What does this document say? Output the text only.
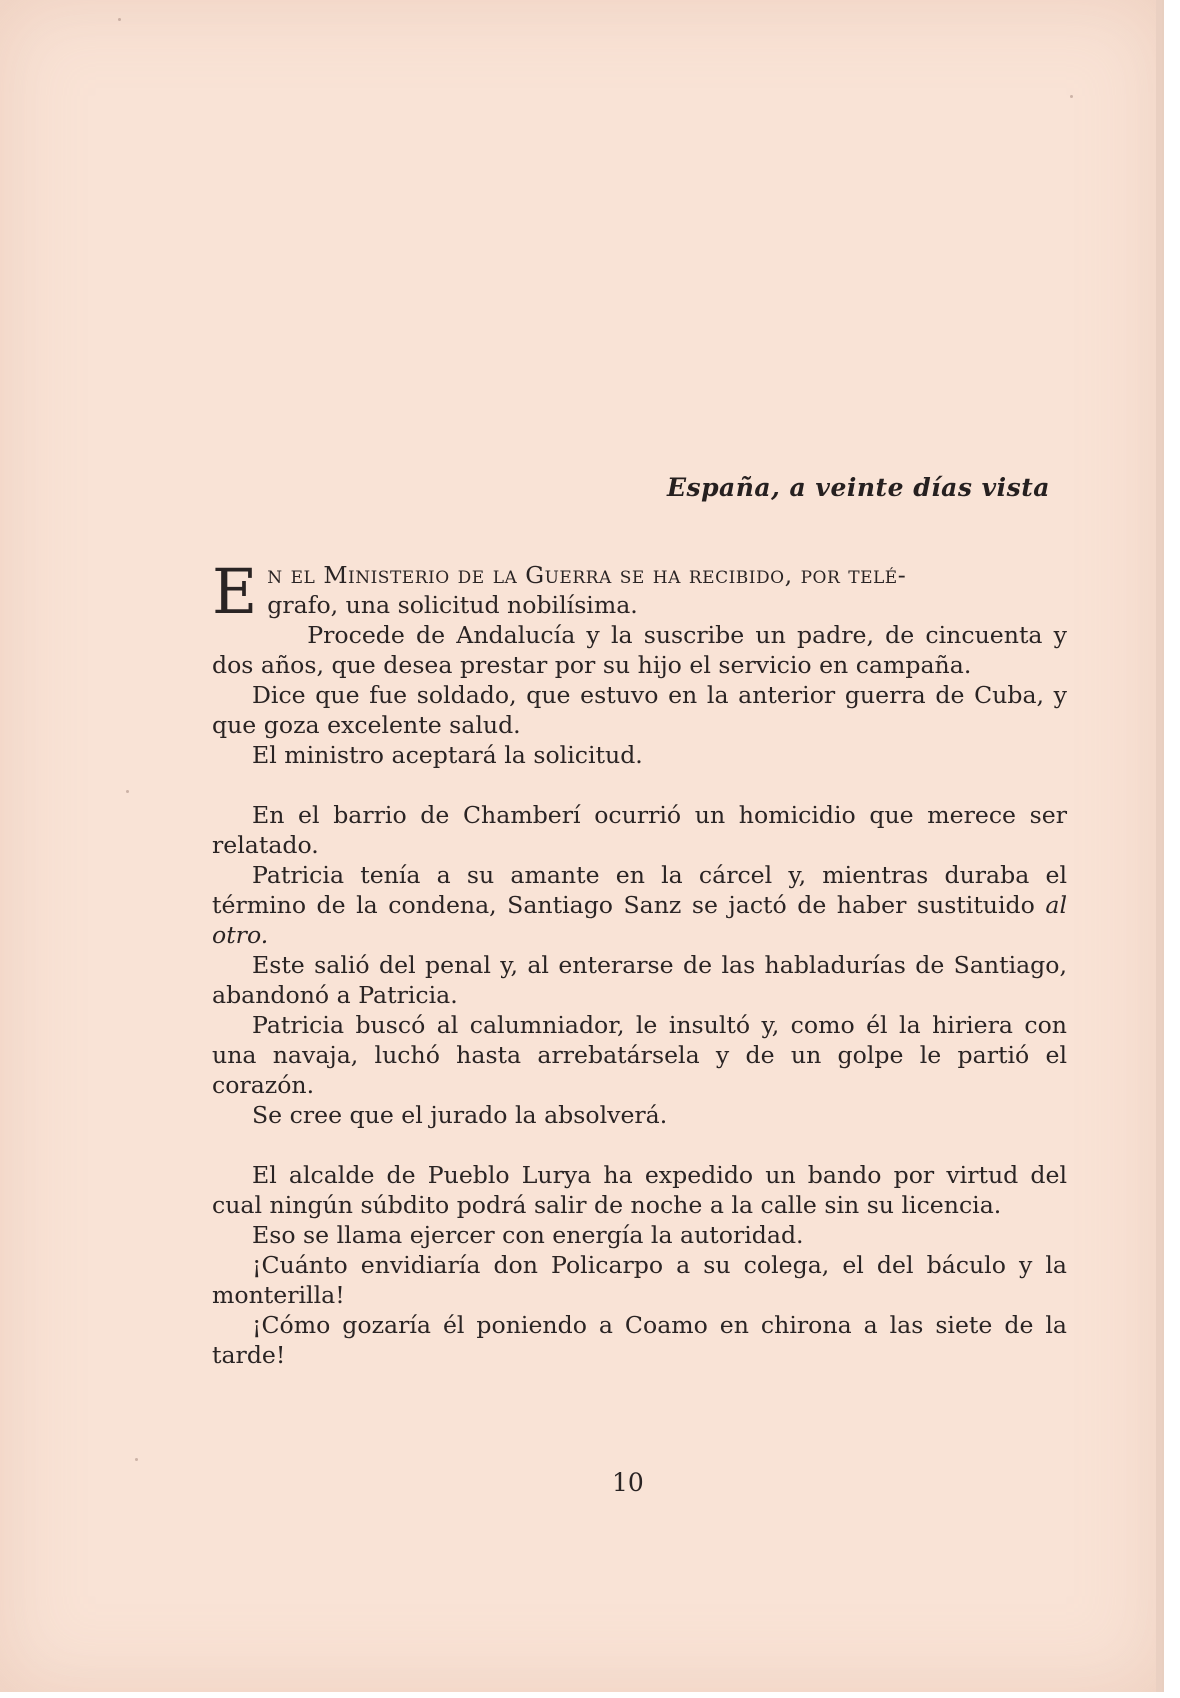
España, a veinte días vista

En el Ministerio de la Guerra se ha recibido, por telé-
grafo, una solicitud nobilísima.

Procede de Andalucía y la suscribe un padre, de cincuenta y dos años, que desea prestar por su hijo el servicio en campaña.

Dice que fue soldado, que estuvo en la anterior guerra de Cuba, y que goza excelente salud.

El ministro aceptará la solicitud.

En el barrio de Chamberí ocurrió un homicidio que merece ser relatado.

Patricia tenía a su amante en la cárcel y, mientras duraba el término de la condena, Santiago Sanz se jactó de haber sustituido al otro.

Este salió del penal y, al enterarse de las habladurías de Santiago, abandonó a Patricia.

Patricia buscó al calumniador, le insultó y, como él la hiriera con una navaja, luchó hasta arrebatársela y de un golpe le partió el corazón.

Se cree que el jurado la absolverá.

El alcalde de Pueblo Lurya ha expedido un bando por virtud del cual ningún súbdito podrá salir de noche a la calle sin su licencia.

Eso se llama ejercer con energía la autoridad.

¡Cuánto envidiaría don Policarpo a su colega, el del báculo y la monterilla!

¡Cómo gozaría él poniendo a Coamo en chirona a las siete de la tarde!

10
